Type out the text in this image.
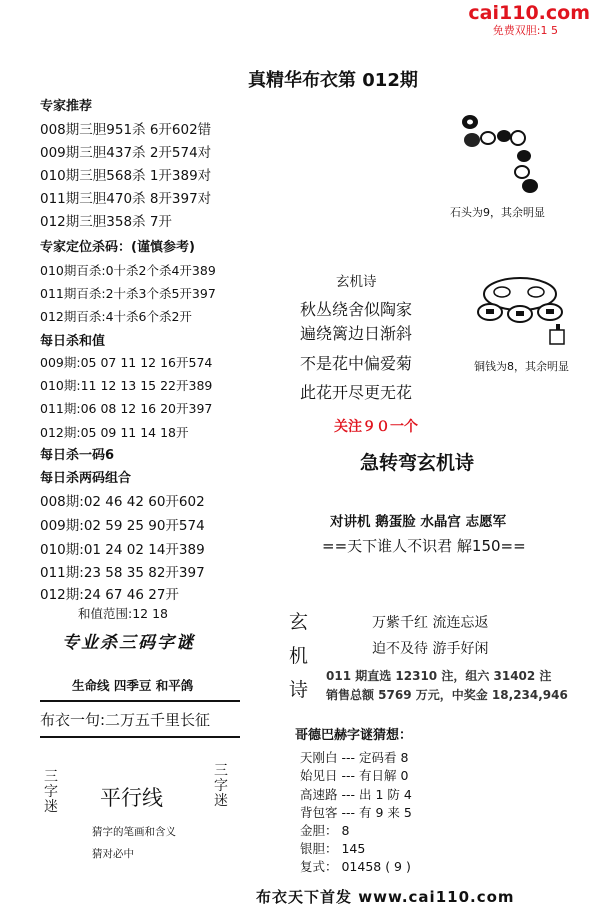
cai110.com
免费双胆:1 5
真精华布衣第 012期
专家推荐
008期三胆951杀 6开602错
009期三胆437杀 2开574对
010期三胆568杀 1开389对
011期三胆470杀 8开397对
012期三胆358杀 7开
专家定位杀码：(谨慎参考)
010期百杀:0十杀2个杀4开389
011期百杀:2十杀3个杀5开397
012期百杀:4十杀6个杀2开
每日杀和值
009期:05 07 11 12 16开574
010期:11 12 13 15 22开389
011期:06 08 12 16 20开397
012期:05 09 11 14 18开
每日杀一码6
每日杀两码组合
008期:02 46 42 60开602
009期:02 59 25 90开574
010期:01 24 02 14开389
011期:23 58 35 82开397
012期:24 67 46 27开
和值范围:12 18
专业杀三码字谜
生命线 四季豆 和平鸽
布衣一句:二万五千里长征
三字迷 平行线
三字迷
猜字的笔画和含义
猜对必中
石头为9，其余明显
玄机诗
秋丛绕舍似陶家
遍绕篱边日渐斜
不是花中偏爱菊
此花开尽更无花
铜钱为8，其余明显
关注９０一个
急转弯玄机诗
对讲机 鹅蛋脸 水晶宫 志愿军
==天下谁人不识君 解150==
玄
机
诗
万紫千红 流连忘返
迫不及待 游手好闲
011 期直选 12310 注，组六 31402 注
销售总额 5769 万元，中奖金 18,234,946
哥德巴赫字谜猜想：
天刚白 --- 定码看 8
始见日 --- 有日解 0
高速路 --- 出 1 防 4
背包客 --- 有 9 来 5
金胆： 8
银胆： 145
复式： 01458 ( 9 )
布衣天下首发 www.cai110.com
